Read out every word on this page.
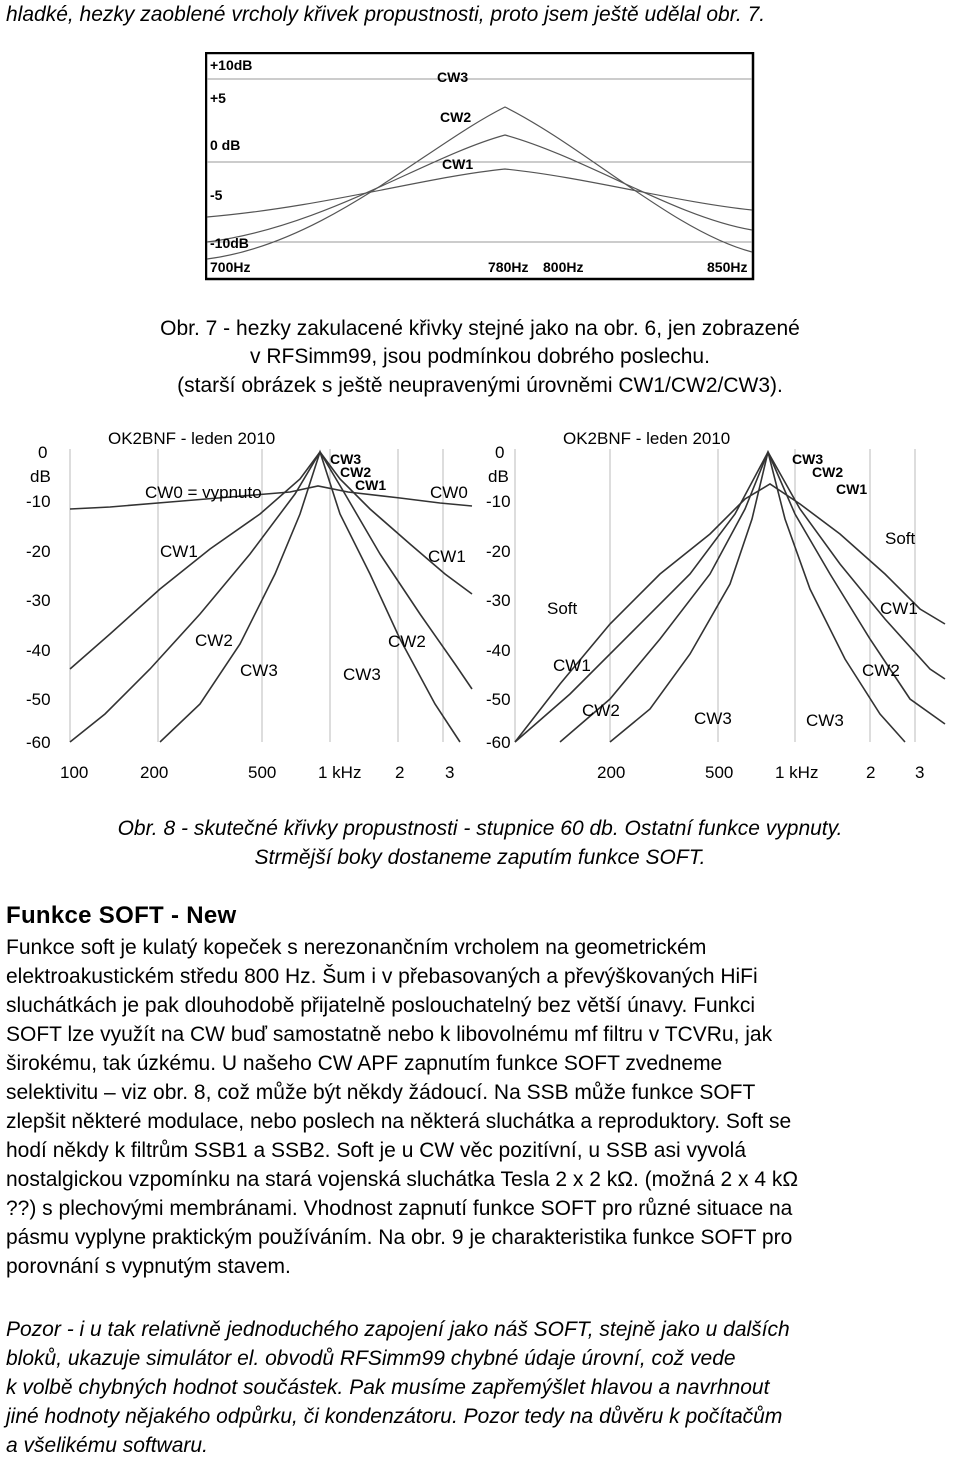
hladké, hezky zaoblené vrcholy křivek propustnosti, proto jsem ještě udělal obr. 7.
+10dB
+5
0 dB
-5
-10dB
700Hz	780Hz 800Hz	850Hz
CW3
CW2
CW1
Obr. 7 - hezky zakulacené křivky stejné jako na obr. 6, jen zobrazené
v RFSimm99, jsou podmínkou dobrého poslechu.
(starší obrázek s ještě neupravenými úrovněmi CW1/CW2/CW3).
0
dB
-10
-20
-30
-40
-50
-60
100	200	500 1 kHz 2 3
OK2BNF - leden 2010
CW3
CW2
CW1
CW0 = vypnuto	CW0
CW1	CW1
CW2	CW2
CW3	CW3
0
dB
-10
-20
-30
-40
-50
-60
200	500 1 kHz	2 3
OK2BNF - leden 2010
CW3
CW2
CW1
Soft
Soft	CW1
CW1
CW2
CW2
CW3	CW3
Obr. 8 - skutečné křivky propustnosti - stupnice 60 db. Ostatní funkce vypnuty.
Strmější boky dostaneme zaputím funkce SOFT.
Funkce SOFT - New
Funkce soft je kulatý kopeček s nerezonančním vrcholem na geometrickém
elektroakustickém středu 800 Hz. Šum i v přebasovaných a převýškovaných HiFi
sluchátkách je pak dlouhodobě přijatelně poslouchatelný bez větší únavy. Funkci
SOFT lze využít na CW buď samostatně nebo k libovolnému mf filtru v TCVRu, jak
širokému, tak úzkému. U našeho CW APF zapnutím funkce SOFT zvedneme
selektivitu – viz obr. 8, což může být někdy žádoucí. Na SSB může funkce SOFT
zlepšit některé modulace, nebo poslech na některá sluchátka a reproduktory. Soft se
hodí někdy k filtrům SSB1 a SSB2. Soft je u CW věc pozitívní, u SSB asi vyvolá
nostalgickou vzpomínku na stará vojenská sluchátka Tesla 2 x 2 kΩ. (možná 2 x 4 kΩ
??) s plechovými membránami. Vhodnost zapnutí funkce SOFT pro různé situace na
pásmu vyplyne praktickým používáním. Na obr. 9 je charakteristika funkce SOFT pro
porovnání s vypnutým stavem.
Pozor - i u tak relativně jednoduchého zapojení jako náš SOFT, stejně jako u dalších
bloků, ukazuje simulátor el. obvodů RFSimm99 chybné údaje úrovní, což vede
k volbě chybných hodnot součástek. Pak musíme zapřemýšlet hlavou a navrhnout
jiné hodnoty nějakého odpůrku, či kondenzátoru. Pozor tedy na důvěru k počítačům
a všelikému softwaru.
